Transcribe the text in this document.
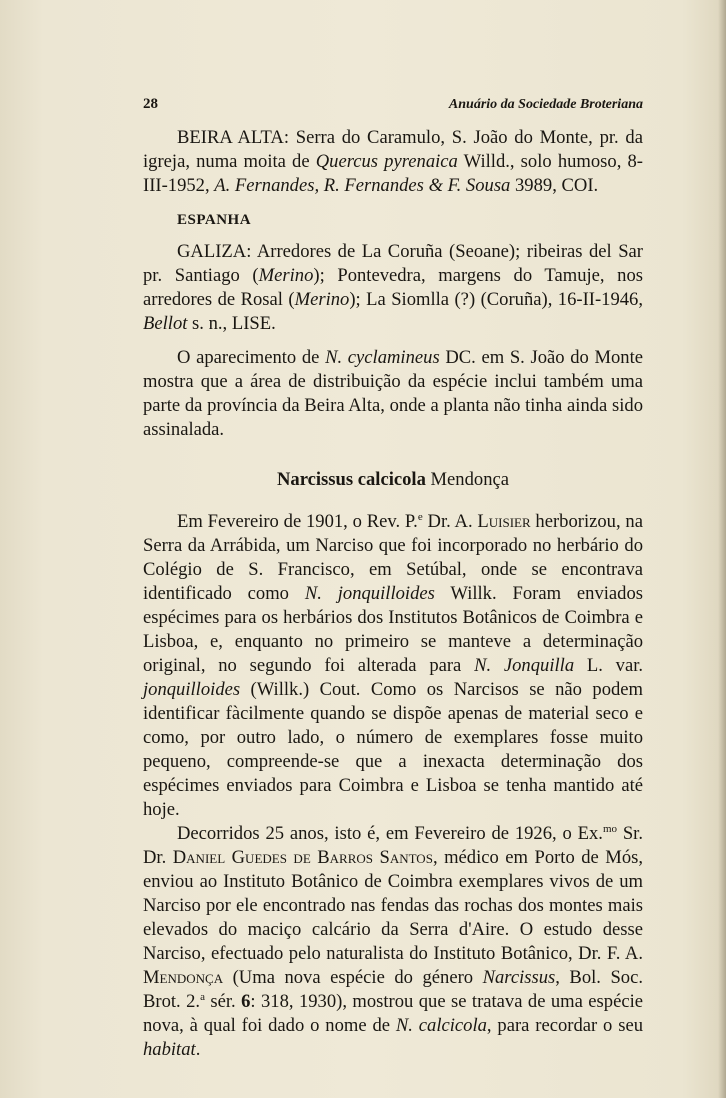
28	Anuário da Sociedade Broteriana

BEIRA ALTA: Serra do Caramulo, S. João do Monte, pr. da igreja, numa moita de Quercus pyrenaica Willd., solo humoso, 8-III-1952, A. Fernandes, R. Fernandes & F. Sousa 3989, COI.

ESPANHA

GALIZA: Arredores de La Coruña (Seoane); ribeiras del Sar pr. Santiago (Merino); Pontevedra, margens do Tamuje, nos arredores de Rosal (Merino); La Siomlla (?) (Coruña), 16-II-1946, Bellot s. n., LISE.

O aparecimento de N. cyclamineus DC. em S. João do Monte mostra que a área de distribuição da espécie inclui também uma parte da província da Beira Alta, onde a planta não tinha ainda sido assinalada.

Narcissus calcicola Mendonça

Em Fevereiro de 1901, o Rev. P.$^e$ Dr. A. Luisier herborizou, na Serra da Arrábida, um Narciso que foi incorporado no herbário do Colégio de S. Francisco, em Setúbal, onde se encontrava identificado como N. jonquilloides Willk. Foram enviados espécimes para os herbários dos Institutos Botânicos de Coimbra e Lisboa, e, enquanto no primeiro se manteve a determinação original, no segundo foi alterada para N. Jonquilla L. var. jonquilloides (Willk.) Cout. Como os Narcisos se não podem identificar fàcilmente quando se dispõe apenas de material seco e como, por outro lado, o número de exemplares fosse muito pequeno, compreende-se que a inexacta determinação dos espécimes enviados para Coimbra e Lisboa se tenha mantido até hoje.

Decorridos 25 anos, isto é, em Fevereiro de 1926, o Ex.$^{mo}$ Sr. Dr. Daniel Guedes de Barros Santos, médico em Porto de Mós, enviou ao Instituto Botânico de Coimbra exemplares vivos de um Narciso por ele encontrado nas fendas das rochas dos montes mais elevados do maciço calcário da Serra d'Aire. O estudo desse Narciso, efectuado pelo naturalista do Instituto Botânico, Dr. F. A. Mendonça (Uma nova espécie do género Narcissus, Bol. Soc. Brot. 2.$^a$ sér. 6: 318, 1930), mostrou que se tratava de uma espécie nova, à qual foi dado o nome de N. calcicola, para recordar o seu habitat.
